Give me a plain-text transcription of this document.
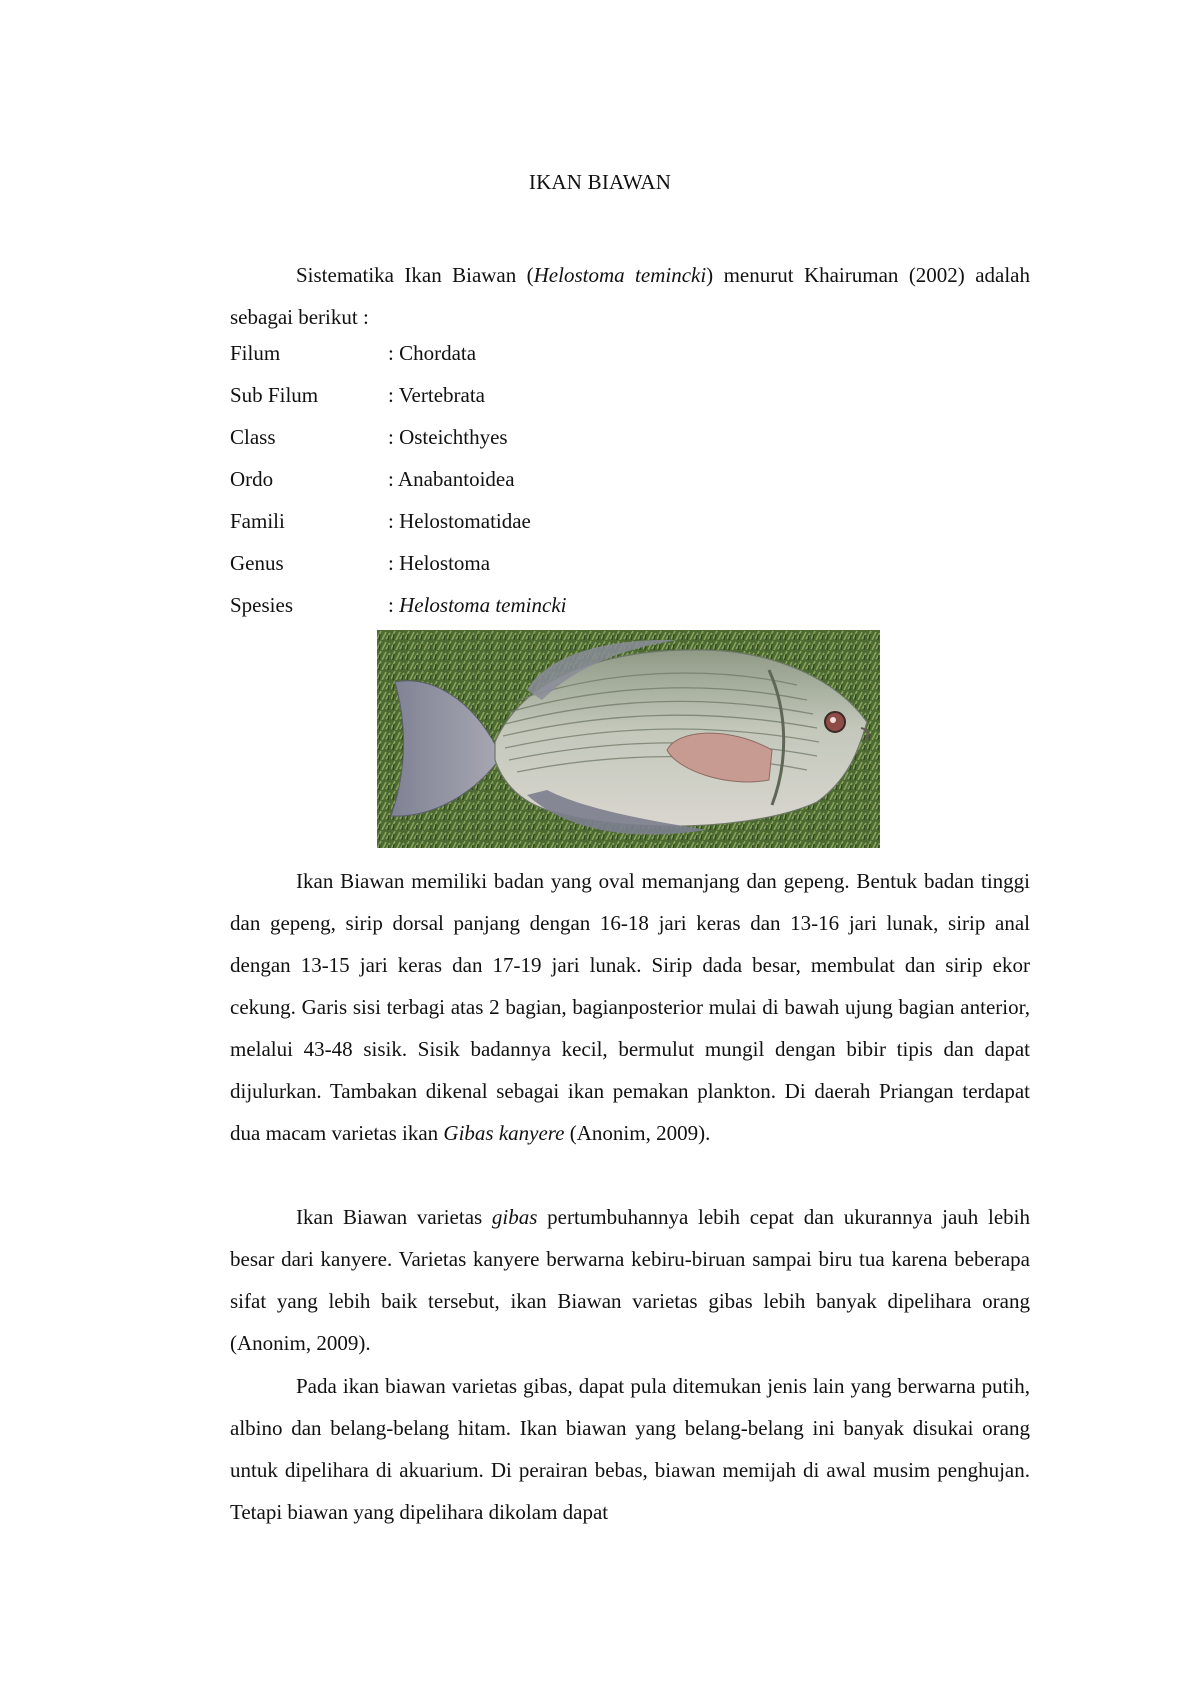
IKAN BIAWAN

Sistematika Ikan Biawan (Helostoma temincki) menurut Khairuman (2002) adalah sebagai berikut :

Filum	: Chordata
Sub Filum	: Vertebrata
Class	: Osteichthyes
Ordo	: Anabantoidea
Famili	: Helostomatidae
Genus	: Helostoma
Spesies	: Helostoma temincki

Ikan Biawan memiliki badan yang oval memanjang dan gepeng. Bentuk badan tinggi dan gepeng, sirip dorsal panjang dengan 16-18 jari keras dan 13-16 jari lunak, sirip anal dengan 13-15 jari keras dan 17-19 jari lunak. Sirip dada besar, membulat dan sirip ekor cekung. Garis sisi terbagi atas 2 bagian, bagianposterior mulai di bawah ujung bagian anterior, melalui 43-48 sisik. Sisik badannya kecil, bermulut mungil dengan bibir tipis dan dapat dijulurkan. Tambakan dikenal sebagai ikan pemakan plankton. Di daerah Priangan terdapat dua macam varietas ikan Gibas kanyere (Anonim, 2009).

Ikan Biawan varietas gibas pertumbuhannya lebih cepat dan ukurannya jauh lebih besar dari kanyere. Varietas kanyere berwarna kebiru-biruan sampai biru tua karena beberapa sifat yang lebih baik tersebut, ikan Biawan varietas gibas lebih banyak dipelihara orang (Anonim, 2009).

Pada ikan biawan varietas gibas, dapat pula ditemukan jenis lain yang berwarna putih, albino dan belang-belang hitam. Ikan biawan yang belang-belang ini banyak disukai orang untuk dipelihara di akuarium. Di perairan bebas, biawan memijah di awal musim penghujan. Tetapi biawan yang dipelihara dikolam dapat
